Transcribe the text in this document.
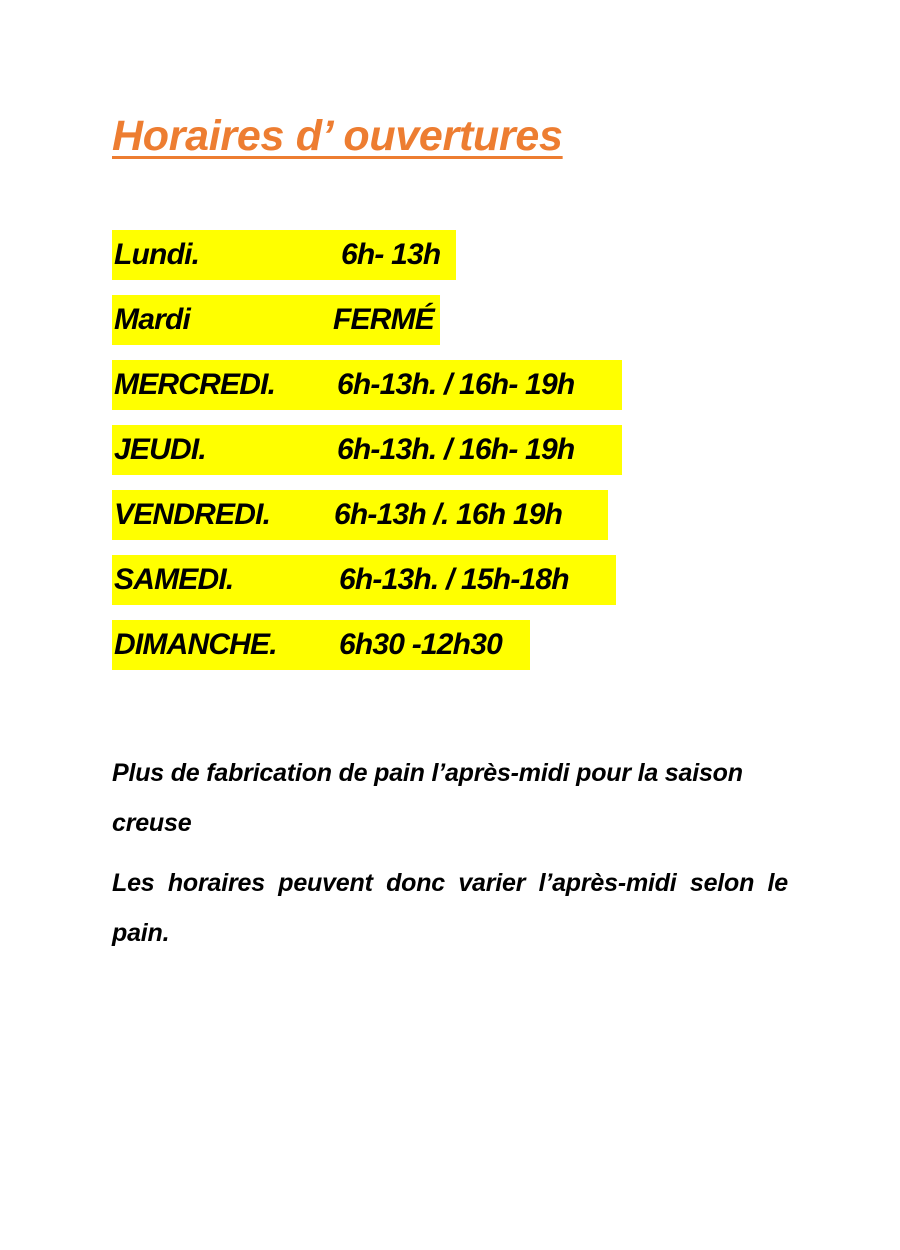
Horaires d’ ouvertures
Lundi.	6h- 13h
Mardi	FERMÉ
MERCREDI. 6h-13h. / 16h- 19h
JEUDI.	6h-13h. / 16h- 19h
VENDREDI. 6h-13h /. 16h 19h
SAMEDI.	6h-13h. / 15h-18h
DIMANCHE. 6h30 -12h30

Plus de fabrication de pain l’après-midi pour la saison creuse

Les horaires peuvent donc varier l’après-midi selon le pain.
